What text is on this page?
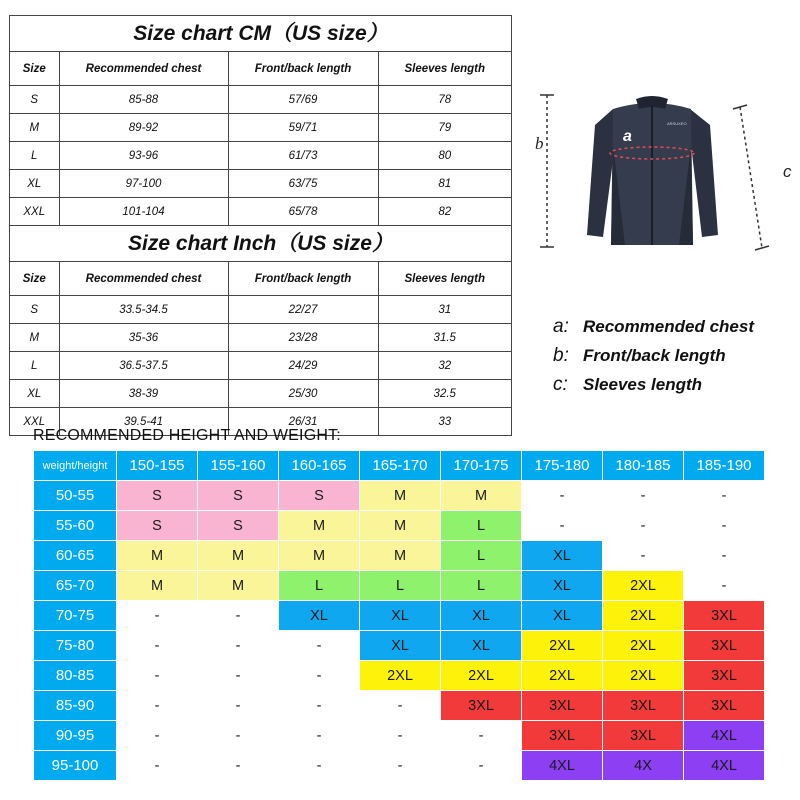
Size chart CM（US size）
Size	Recommended chest	Front/back length	Sleeves length
S	85-88	57/69	78
M	89-92	59/71	79
L	93-96	61/73	80
XL	97-100	63/75	81
XXL	101-104	65/78	82
Size chart Inch（US size）
Size	Recommended chest	Front/back length	Sleeves length
S	33.5-34.5	22/27	31
M	35-36	23/28	31.5
L	36.5-37.5	24/29	32
XL	38-39	25/30	32.5
XXL	39.5-41	26/31	33
b	a
ARSUXEO
c
a: Recommended chest
b: Front/back length
c: Sleeves length
RECOMMENDED HEIGHT AND WEIGHT:
weight/height	150-155	155-160	160-165	165-170	170-175	175-180	180-185	185-190
50-55	S	S	S	M	M	-	-	-
55-60	S	S	M	M	L	-	-	-
60-65	M	M	M	M	L	XL	-	-
65-70	M	M	L	L	L	XL	2XL	-
70-75	-	-	XL	XL	XL	XL	2XL	3XL
75-80	-	-	-	XL	XL	2XL	2XL	3XL
80-85	-	-	-	2XL	2XL	2XL	2XL	3XL
85-90	-	-	-	-	3XL	3XL	3XL	3XL
90-95	-	-	-	-	-	3XL	3XL	4XL
95-100	-	-	-	-	-	4XL	4X	4XL
